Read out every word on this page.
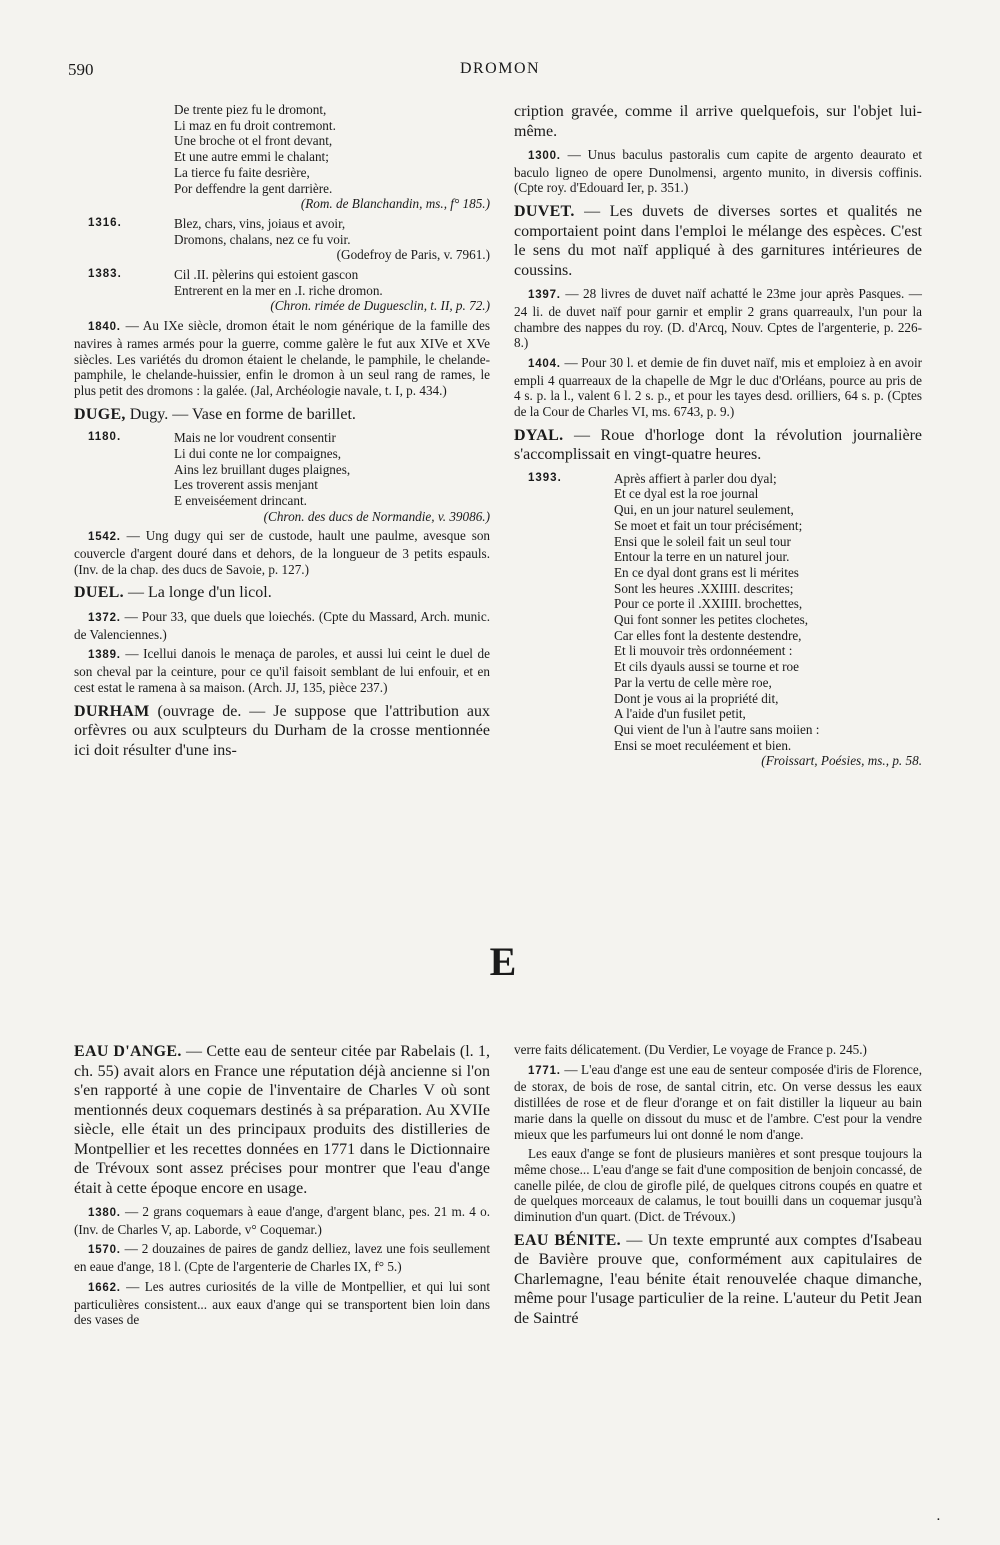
590	DROMON
De trente piez fu le dromont,
Li maz en fu droit contremont.
Une broche ot el front devant,
Et une autre emmi le chalant;
La tierce fu faite desrière,
Por deffendre la gent darrière.
(Rom. de Blanchandin, ms., f° 185.)
1316.	Blez, chars, vins, joiaus et avoir,
Dromons, chalans, nez ce fu voir.
(Godefroy de Paris, v. 7961.)
1383.	Cil .II. pèlerins qui estoient gascon
Entrerent en la mer en .I. riche dromon.
(Chron. rimée de Duguesclin, t. II, p. 72.)

1840. — Au IXe siècle, dromon était le nom générique de la famille des navires à rames armés pour la guerre, comme galère le fut aux XIVe et XVe siècles. Les variétés du dromon étaient le chelande, le pamphile, le chelande-pamphile, le chelande-huissier, enfin le dromon à un seul rang de rames, le plus petit des dromons : la galée. (Jal, Archéologie navale, t. I, p. 434.)

DUGE, Dugy. — Vase en forme de barillet.

1180.	Mais ne lor voudrent consentir
Li dui conte ne lor compaignes,
Ains lez bruillant duges plaignes,
Les troverent assis menjant
E enveiséement drincant.
(Chron. des ducs de Normandie, v. 39086.)

1542. — Ung dugy qui ser de custode, hault une paulme, avesque son couvercle d'argent douré dans et dehors, de la longueur de 3 petits espauls. (Inv. de la chap. des ducs de Savoie, p. 127.)

DUEL. — La longe d'un licol.

1372. — Pour 33, que duels que loiechés. (Cpte du Massard, Arch. munic. de Valenciennes.)

1389. — Icellui danois le menaça de paroles, et aussi lui ceint le duel de son cheval par la ceinture, pour ce qu'il faisoit semblant de lui enfouir, et en cest estat le ramena à sa maison. (Arch. JJ, 135, pièce 237.)

DURHAM (ouvrage de. — Je suppose que l'attribution aux orfèvres ou aux sculpteurs du Durham de la crosse mentionnée ici doit résulter d'une ins-

cription gravée, comme il arrive quelquefois, sur l'objet lui-même.

1300. — Unus baculus pastoralis cum capite de argento deaurato et baculo ligneo de opere Dunolmensi, argento munito, in diversis coffinis. (Cpte roy. d'Edouard Ier, p. 351.)

DUVET. — Les duvets de diverses sortes et qualités ne comportaient point dans l'emploi le mélange des espèces. C'est le sens du mot naïf appliqué à des garnitures intérieures de coussins.

1397. — 28 livres de duvet naïf achatté le 23me jour après Pasques. — 24 li. de duvet naïf pour garnir et emplir 2 grans quarreaulx, l'un pour la chambre des nappes du roy. (D. d'Arcq, Nouv. Cptes de l'argenterie, p. 226-8.)

1404. — Pour 30 l. et demie de fin duvet naïf, mis et emploiez à en avoir empli 4 quarreaux de la chapelle de Mgr le duc d'Orléans, pource au pris de 4 s. p. la l., valent 6 l. 2 s. p., et pour les tayes desd. orilliers, 64 s. p. (Cptes de la Cour de Charles VI, ms. 6743, p. 9.)

DYAL. — Roue d'horloge dont la révolution journalière s'accomplissait en vingt-quatre heures.

1393.	Après affiert à parler dou dyal;
Et ce dyal est la roe journal
Qui, en un jour naturel seulement,
Se moet et fait un tour précisément;
Ensi que le soleil fait un seul tour
Entour la terre en un naturel jour.
En ce dyal dont grans est li mérites
Sont les heures .XXIIII. descrites;
Pour ce porte il .XXIIII. brochettes,
Qui font sonner les petites clochetes,
Car elles font la destente destendre,
Et li mouvoir très ordonnéement :
Et cils dyauls aussi se tourne et roe
Par la vertu de celle mère roe,
Dont je vous ai la propriété dit,
A l'aide d'un fusilet petit,
Qui vient de l'un à l'autre sans moiien :
Ensi se moet reculéement et bien.
(Froissart, Poésies, ms., p. 58.
E

EAU D'ANGE. — Cette eau de senteur citée par Rabelais (l. 1, ch. 55) avait alors en France une réputation déjà ancienne si l'on s'en rapporté à une copie de l'inventaire de Charles V où sont mentionnés deux coquemars destinés à sa préparation. Au XVIIe siècle, elle était un des principaux produits des distilleries de Montpellier et les recettes données en 1771 dans le Dictionnaire de Trévoux sont assez précises pour montrer que l'eau d'ange était à cette époque encore en usage.

1380. — 2 grans coquemars à eaue d'ange, d'argent blanc, pes. 21 m. 4 o. (Inv. de Charles V, ap. Laborde, v° Coquemar.)

1570. — 2 douzaines de paires de gandz delliez, lavez une fois seullement en eaue d'ange, 18 l. (Cpte de l'argenterie de Charles IX, f° 5.)

1662. — Les autres curiosités de la ville de Montpellier, et qui lui sont particulières consistent... aux eaux d'ange qui se transportent bien loin dans des vases de

verre faits délicatement. (Du Verdier, Le voyage de France p. 245.)

1771. — L'eau d'ange est une eau de senteur composée d'iris de Florence, de storax, de bois de rose, de santal citrin, etc. On verse dessus les eaux distillées de rose et de fleur d'orange et on fait distiller la liqueur au bain marie dans la quelle on dissout du musc et de l'ambre. C'est pour la vendre mieux que les parfumeurs lui ont donné le nom d'ange.

Les eaux d'ange se font de plusieurs manières et sont presque toujours la même chose... L'eau d'ange se fait d'une composition de benjoin concassé, de canelle pilée, de clou de girofle pilé, de quelques citrons coupés en quatre et de quelques morceaux de calamus, le tout bouilli dans un coquemar jusqu'à diminution d'un quart. (Dict. de Trévoux.)

EAU BÉNITE. — Un texte emprunté aux comptes d'Isabeau de Bavière prouve que, conformément aux capitulaires de Charlemagne, l'eau bénite était renouvelée chaque dimanche, même pour l'usage particulier de la reine. L'auteur du Petit Jean de Saintré

⋅
